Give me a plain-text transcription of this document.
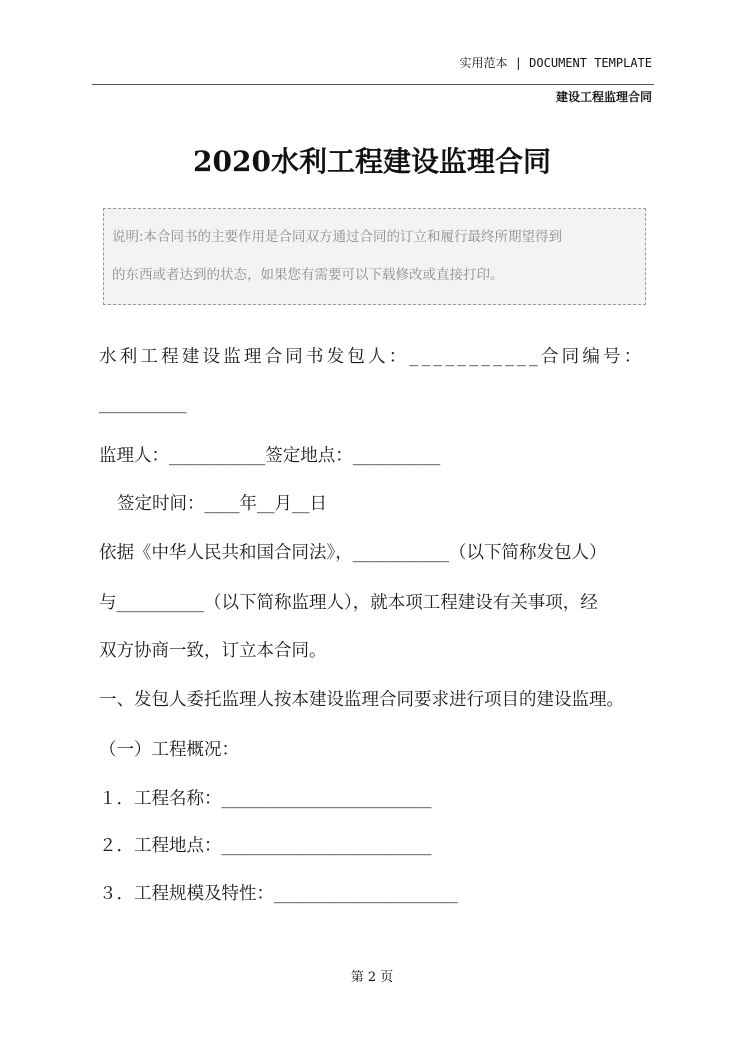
实用范本 | DOCUMENT TEMPLATE
建设工程监理合同
2020水利工程建设监理合同
说明:本合同书的主要作用是合同双方通过合同的订立和履行最终所期望得到
的东西或者达到的状态，如果您有需要可以下载修改或直接打印。
水利工程建设监理合同书发包人：___________合同编号：
__________
监理人：___________签定地点：__________
签定时间：____年__月__日
依据《中华人民共和国合同法》，___________（以下简称发包人）
与__________（以下简称监理人），就本项工程建设有关事项，经
双方协商一致，订立本合同。
一、发包人委托监理人按本建设监理合同要求进行项目的建设监理。
（一）工程概况：
１．工程名称：________________________
２．工程地点：________________________
３．工程规模及特性：_____________________
第 2 页
